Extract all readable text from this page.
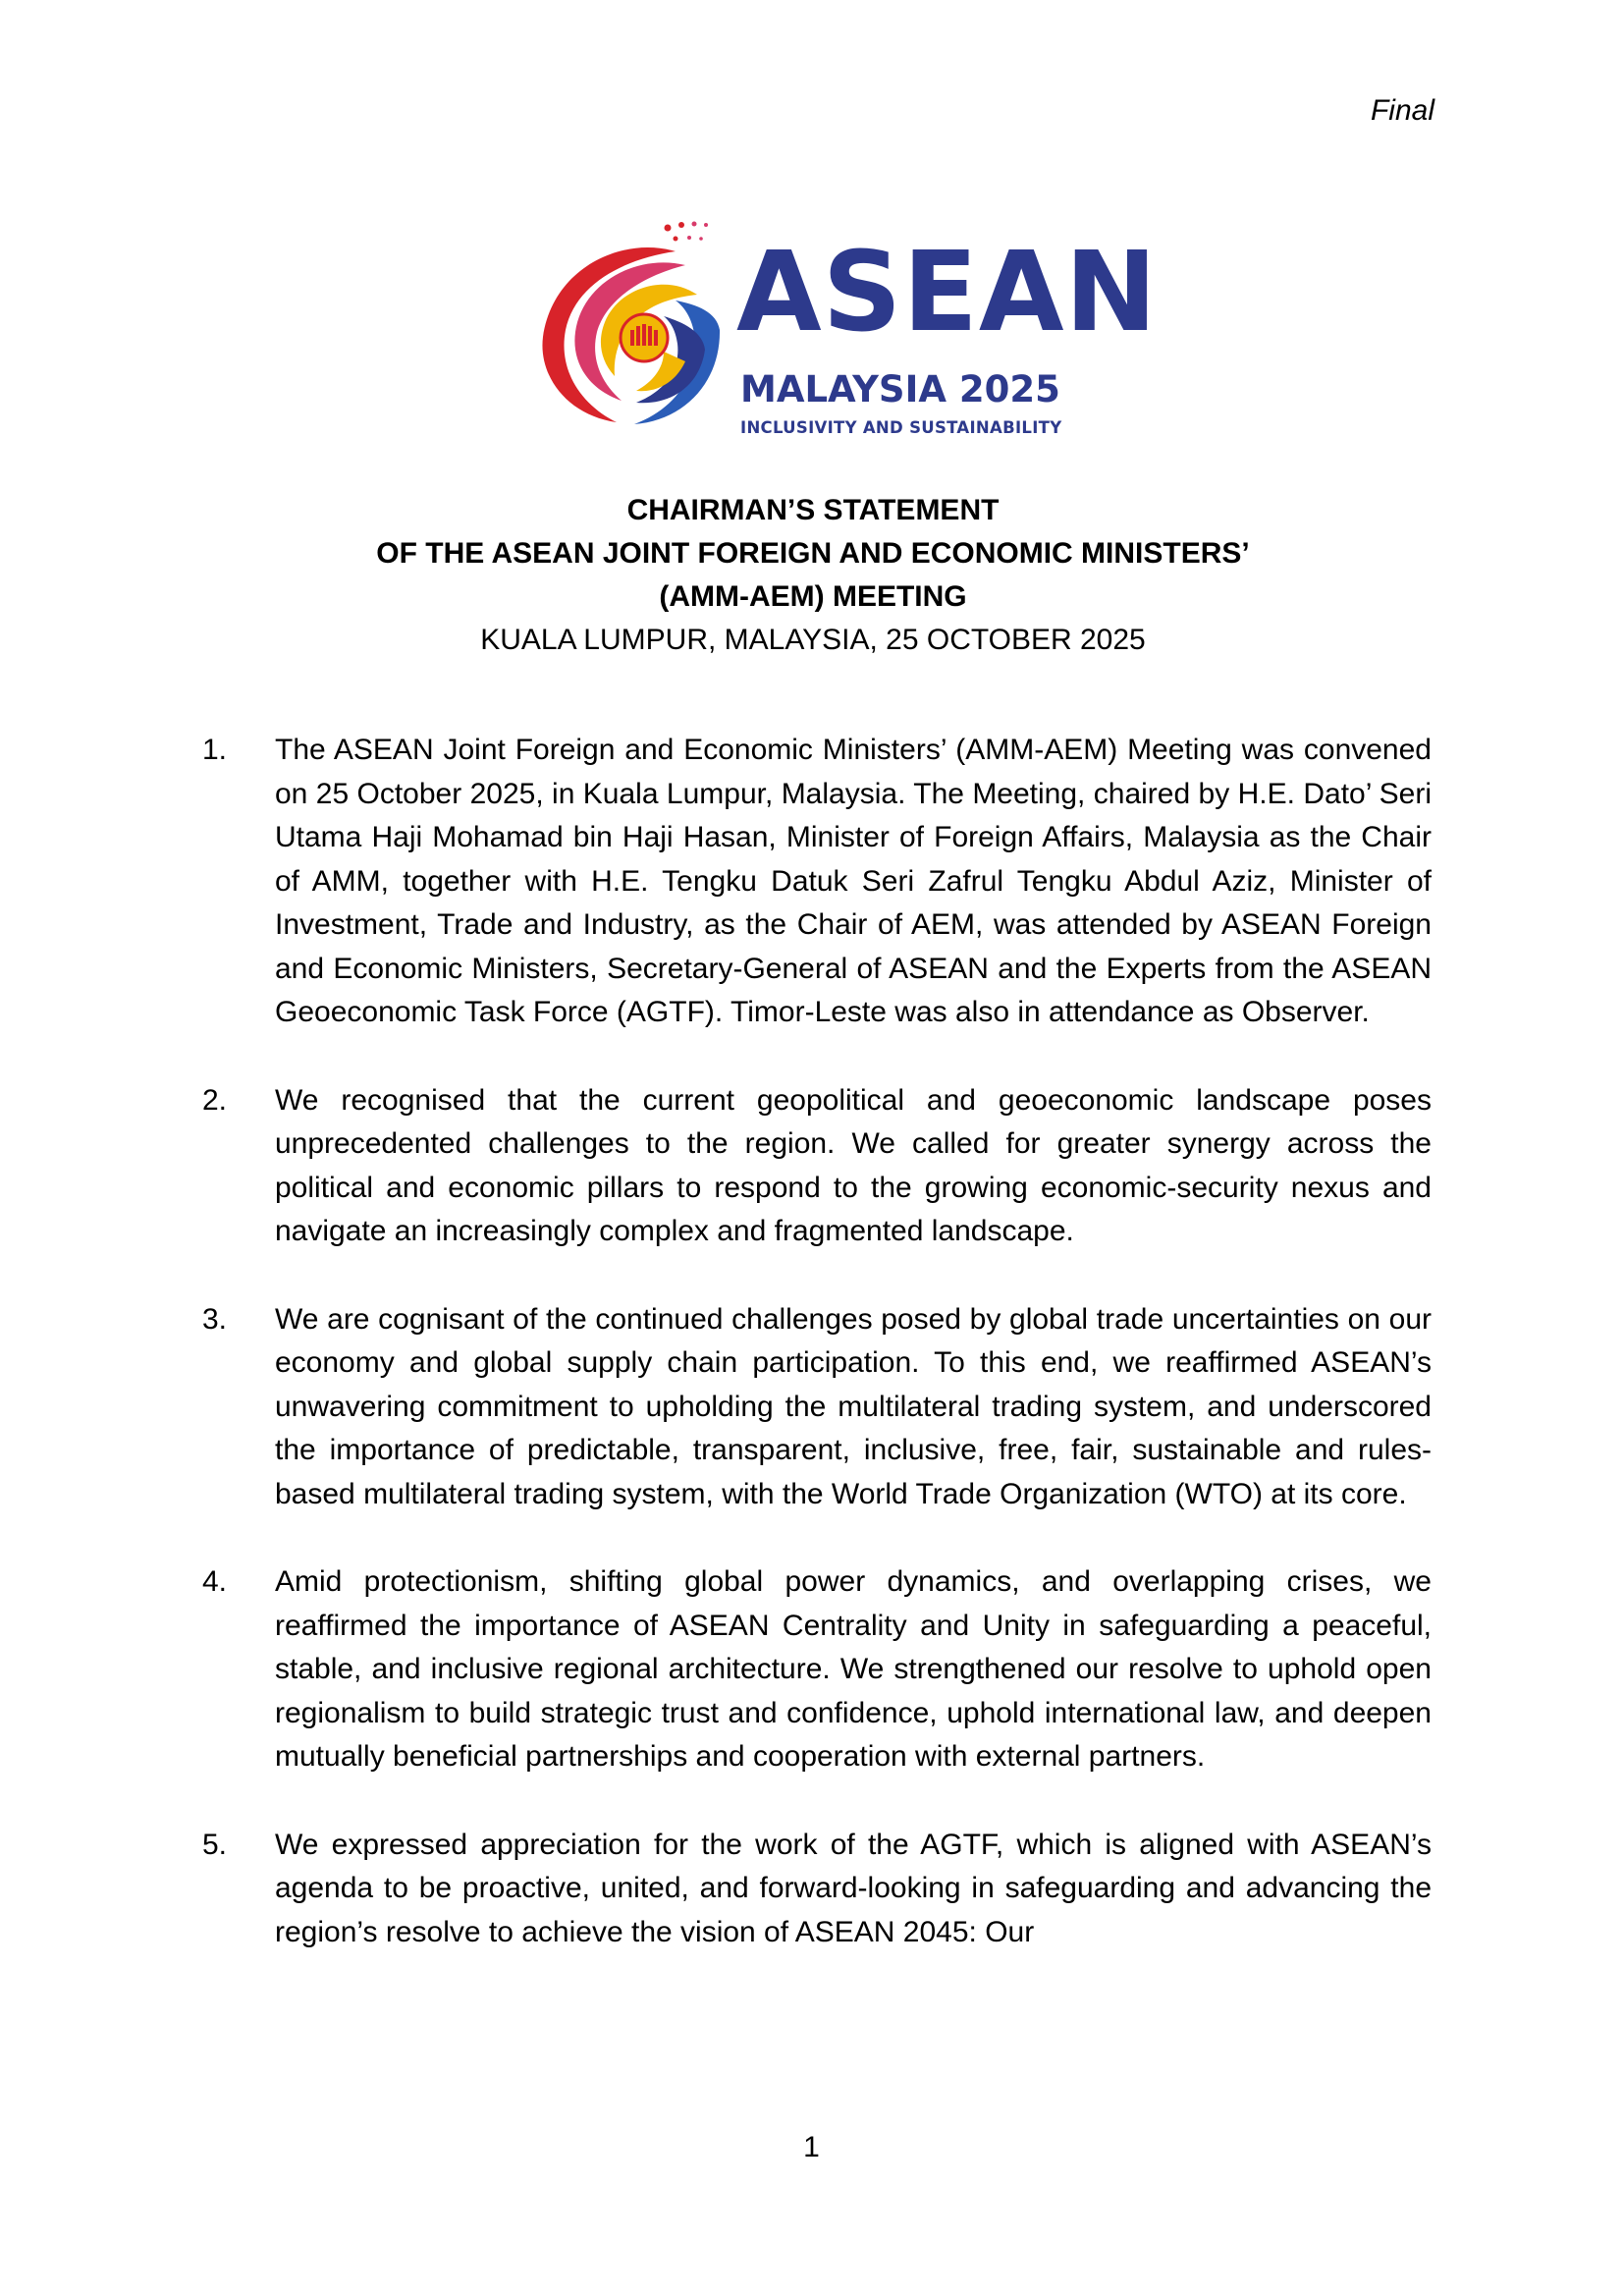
Final
ASEAN
MALAYSIA 2025
INCLUSIVITY AND SUSTAINABILITY
CHAIRMAN’S STATEMENT
OF THE ASEAN JOINT FOREIGN AND ECONOMIC MINISTERS’
(AMM-AEM) MEETING
KUALA LUMPUR, MALAYSIA, 25 OCTOBER 2025
1. The ASEAN Joint Foreign and Economic Ministers’ (AMM-AEM) Meeting was convened on 25 October 2025, in Kuala Lumpur, Malaysia. The Meeting, chaired by H.E. Dato’ Seri Utama Haji Mohamad bin Haji Hasan, Minister of Foreign Affairs, Malaysia as the Chair of AMM, together with H.E. Tengku Datuk Seri Zafrul Tengku Abdul Aziz, Minister of Investment, Trade and Industry, as the Chair of AEM, was attended by ASEAN Foreign and Economic Ministers, Secretary-General of ASEAN and the Experts from the ASEAN Geoeconomic Task Force (AGTF). Timor-Leste was also in attendance as Observer.
2. We recognised that the current geopolitical and geoeconomic landscape poses unprecedented challenges to the region. We called for greater synergy across the political and economic pillars to respond to the growing economic-security nexus and navigate an increasingly complex and fragmented landscape.
3. We are cognisant of the continued challenges posed by global trade uncertainties on our economy and global supply chain participation. To this end, we reaffirmed ASEAN’s unwavering commitment to upholding the multilateral trading system, and underscored the importance of predictable, transparent, inclusive, free, fair, sustainable and rules-based multilateral trading system, with the World Trade Organization (WTO) at its core.
4. Amid protectionism, shifting global power dynamics, and overlapping crises, we reaffirmed the importance of ASEAN Centrality and Unity in safeguarding a peaceful, stable, and inclusive regional architecture. We strengthened our resolve to uphold open regionalism to build strategic trust and confidence, uphold international law, and deepen mutually beneficial partnerships and cooperation with external partners.
5. We expressed appreciation for the work of the AGTF, which is aligned with ASEAN’s agenda to be proactive, united, and forward-looking in safeguarding and advancing the region’s resolve to achieve the vision of ASEAN 2045: Our
1
